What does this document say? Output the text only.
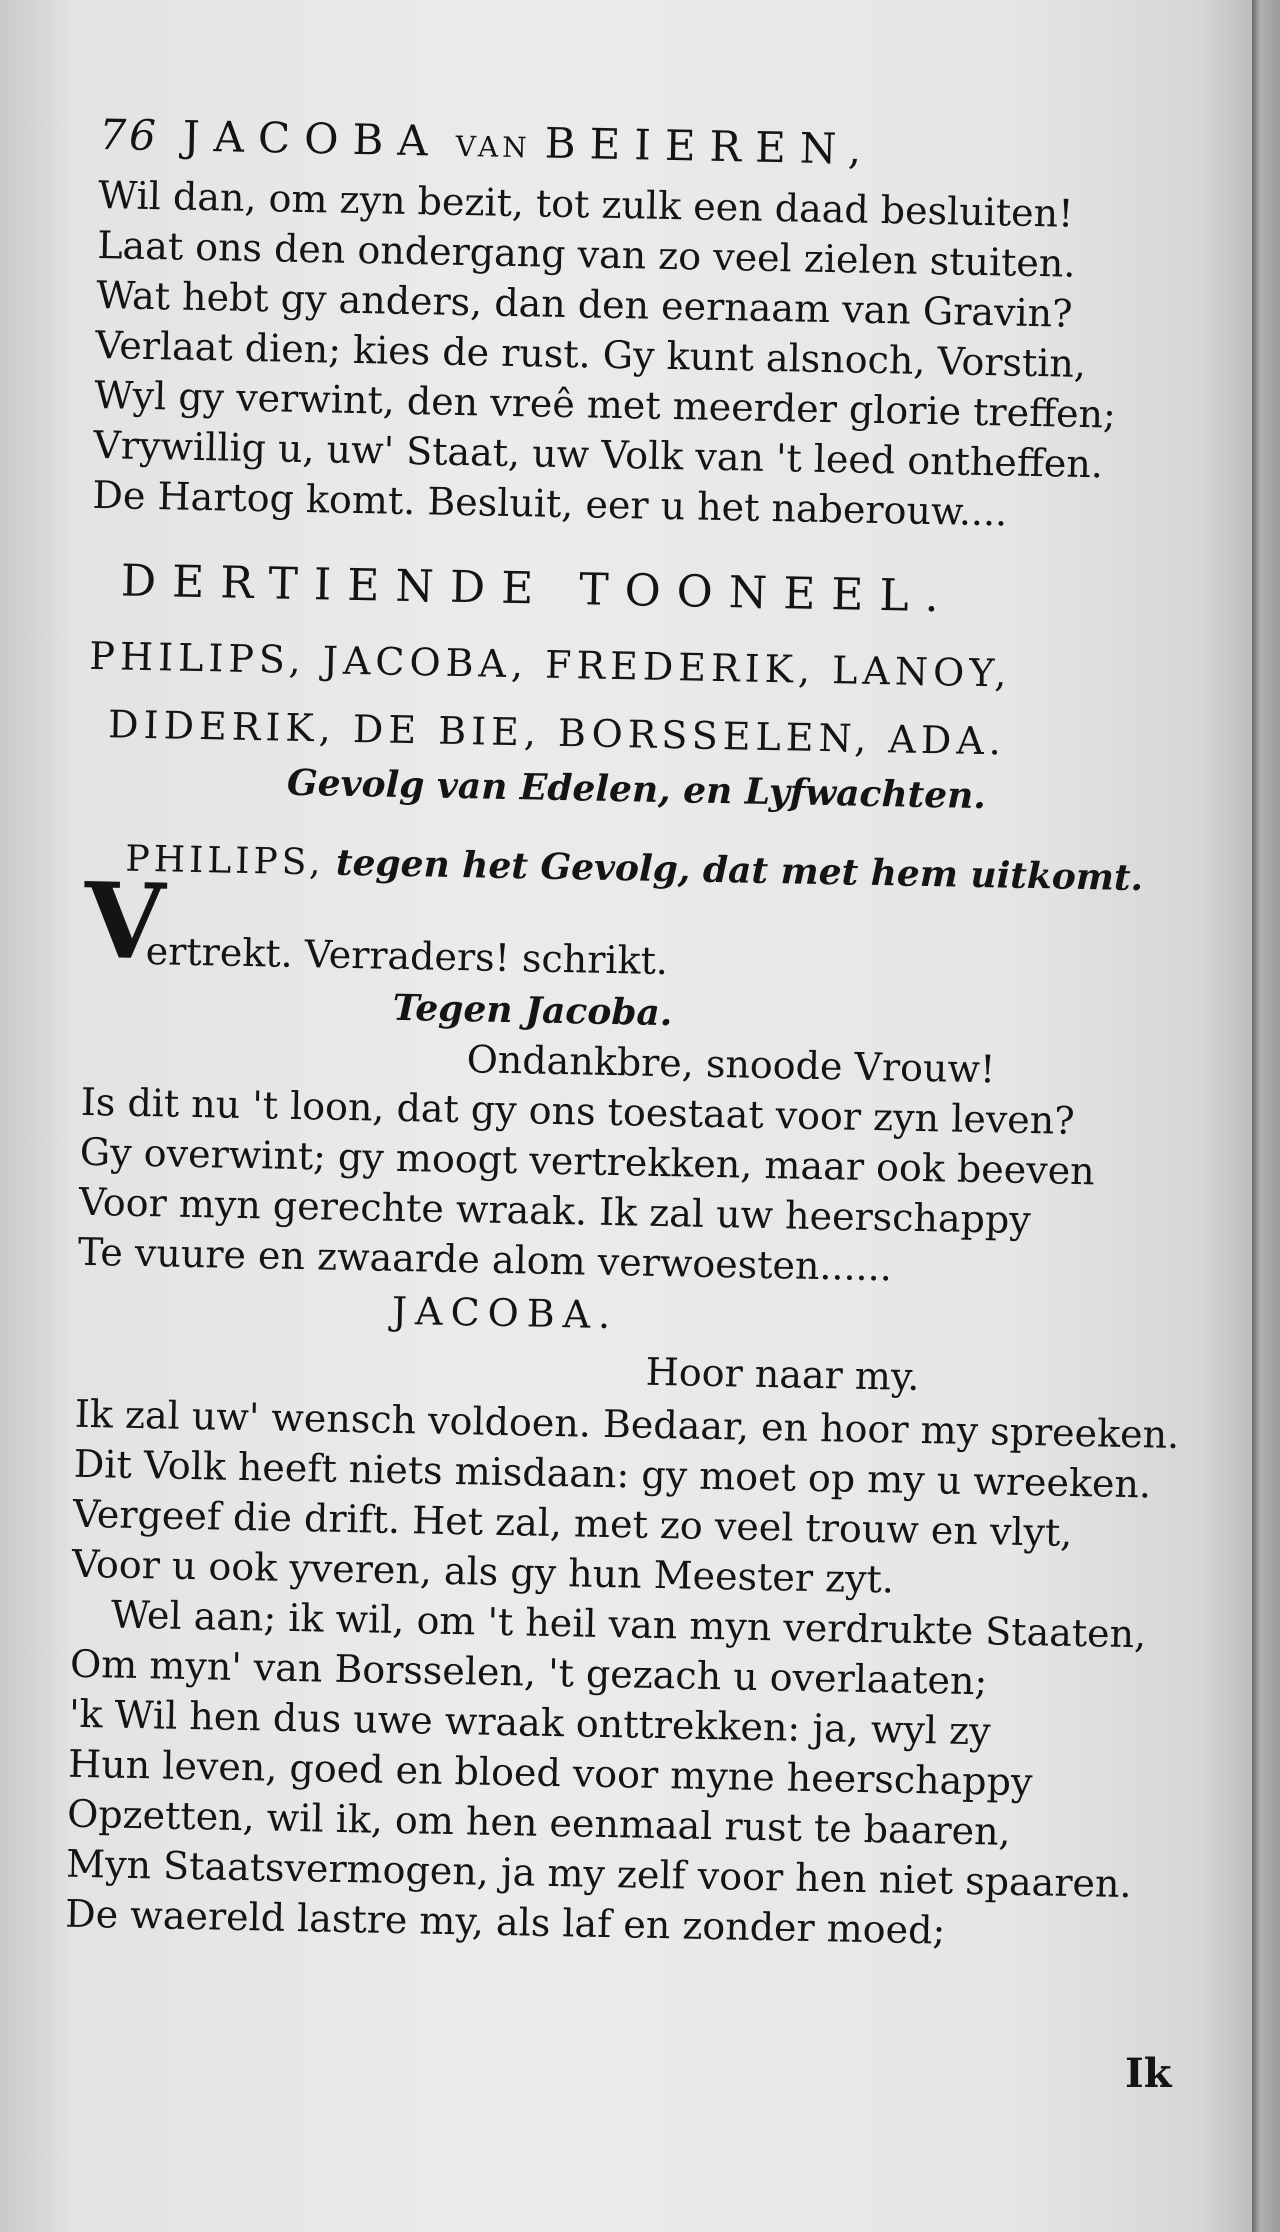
76 JACOBA VAN BEIEREN,
Wil dan, om zyn bezit, tot zulk een daad besluiten!
Laat ons den ondergang van zo veel zielen stuiten.
Wat hebt gy anders, dan den eernaam van Gravin?
Verlaat dien; kies de rust. Gy kunt alsnoch, Vorstin,
Wyl gy verwint, den vreê met meerder glorie treffen;
Vrywillig u, uw' Staat, uw Volk van 't leed ontheffen.
De Hartog komt. Besluit, eer u het naberouw....
DERTIENDE TOONEEL.
PHILIPS, JACOBA, FREDERIK, LANOY,
DIDERIK, DE BIE, BORSSELEN, ADA.
Gevolg van Edelen, en Lyfwachten.
PHILIPS, tegen het Gevolg, dat met hem uitkomt.
V
ertrekt. Verraders! schrikt.
Tegen Jacoba.
Ondankbre, snoode Vrouw!
Is dit nu 't loon, dat gy ons toestaat voor zyn leven?
Gy overwint; gy moogt vertrekken, maar ook beeven
Voor myn gerechte wraak. Ik zal uw heerschappy
Te vuure en zwaarde alom verwoesten......
JACOBA.
Hoor naar my.
Ik zal uw' wensch voldoen. Bedaar, en hoor my spreeken.
Dit Volk heeft niets misdaan: gy moet op my u wreeken.
Vergeef die drift. Het zal, met zo veel trouw en vlyt,
Voor u ook yveren, als gy hun Meester zyt.
Wel aan; ik wil, om 't heil van myn verdrukte Staaten,
Om myn' van Borsselen, 't gezach u overlaaten;
'k Wil hen dus uwe wraak onttrekken: ja, wyl zy
Hun leven, goed en bloed voor myne heerschappy
Opzetten, wil ik, om hen eenmaal rust te baaren,
Myn Staatsvermogen, ja my zelf voor hen niet spaaren.
De waereld lastre my, als laf en zonder moed;
Ik
